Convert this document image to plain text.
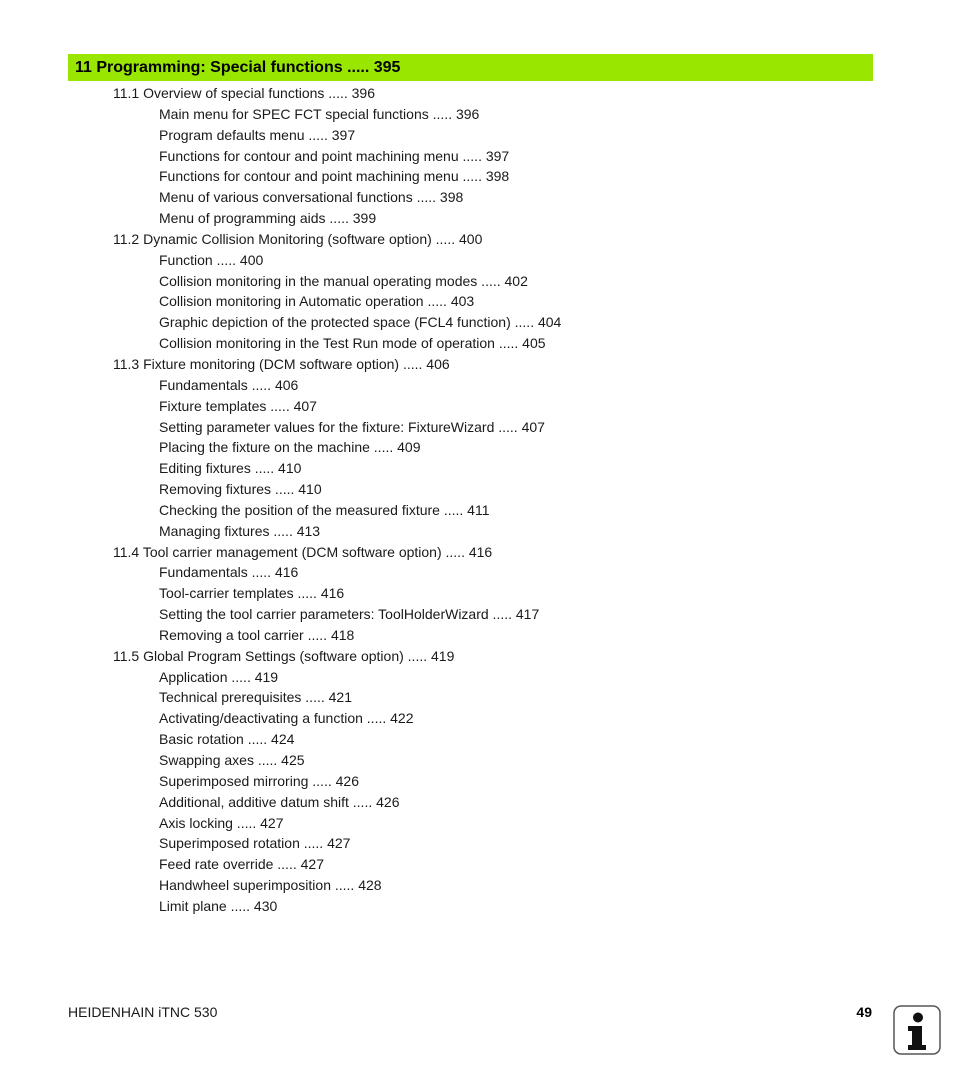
11 Programming: Special functions ..... 395
11.1 Overview of special functions ..... 396
Main menu for SPEC FCT special functions ..... 396
Program defaults menu ..... 397
Functions for contour and point machining menu ..... 397
Functions for contour and point machining menu ..... 398
Menu of various conversational functions ..... 398
Menu of programming aids ..... 399
11.2 Dynamic Collision Monitoring (software option) ..... 400
Function ..... 400
Collision monitoring in the manual operating modes ..... 402
Collision monitoring in Automatic operation ..... 403
Graphic depiction of the protected space (FCL4 function) ..... 404
Collision monitoring in the Test Run mode of operation ..... 405
11.3 Fixture monitoring (DCM software option) ..... 406
Fundamentals ..... 406
Fixture templates ..... 407
Setting parameter values for the fixture: FixtureWizard ..... 407
Placing the fixture on the machine ..... 409
Editing fixtures ..... 410
Removing fixtures ..... 410
Checking the position of the measured fixture ..... 411
Managing fixtures ..... 413
11.4 Tool carrier management (DCM software option) ..... 416
Fundamentals ..... 416
Tool-carrier templates ..... 416
Setting the tool carrier parameters: ToolHolderWizard ..... 417
Removing a tool carrier ..... 418
11.5 Global Program Settings (software option) ..... 419
Application ..... 419
Technical prerequisites ..... 421
Activating/deactivating a function ..... 422
Basic rotation ..... 424
Swapping axes ..... 425
Superimposed mirroring ..... 426
Additional, additive datum shift ..... 426
Axis locking ..... 427
Superimposed rotation ..... 427
Feed rate override ..... 427
Handwheel superimposition ..... 428
Limit plane ..... 430
HEIDENHAIN iTNC 530	49
